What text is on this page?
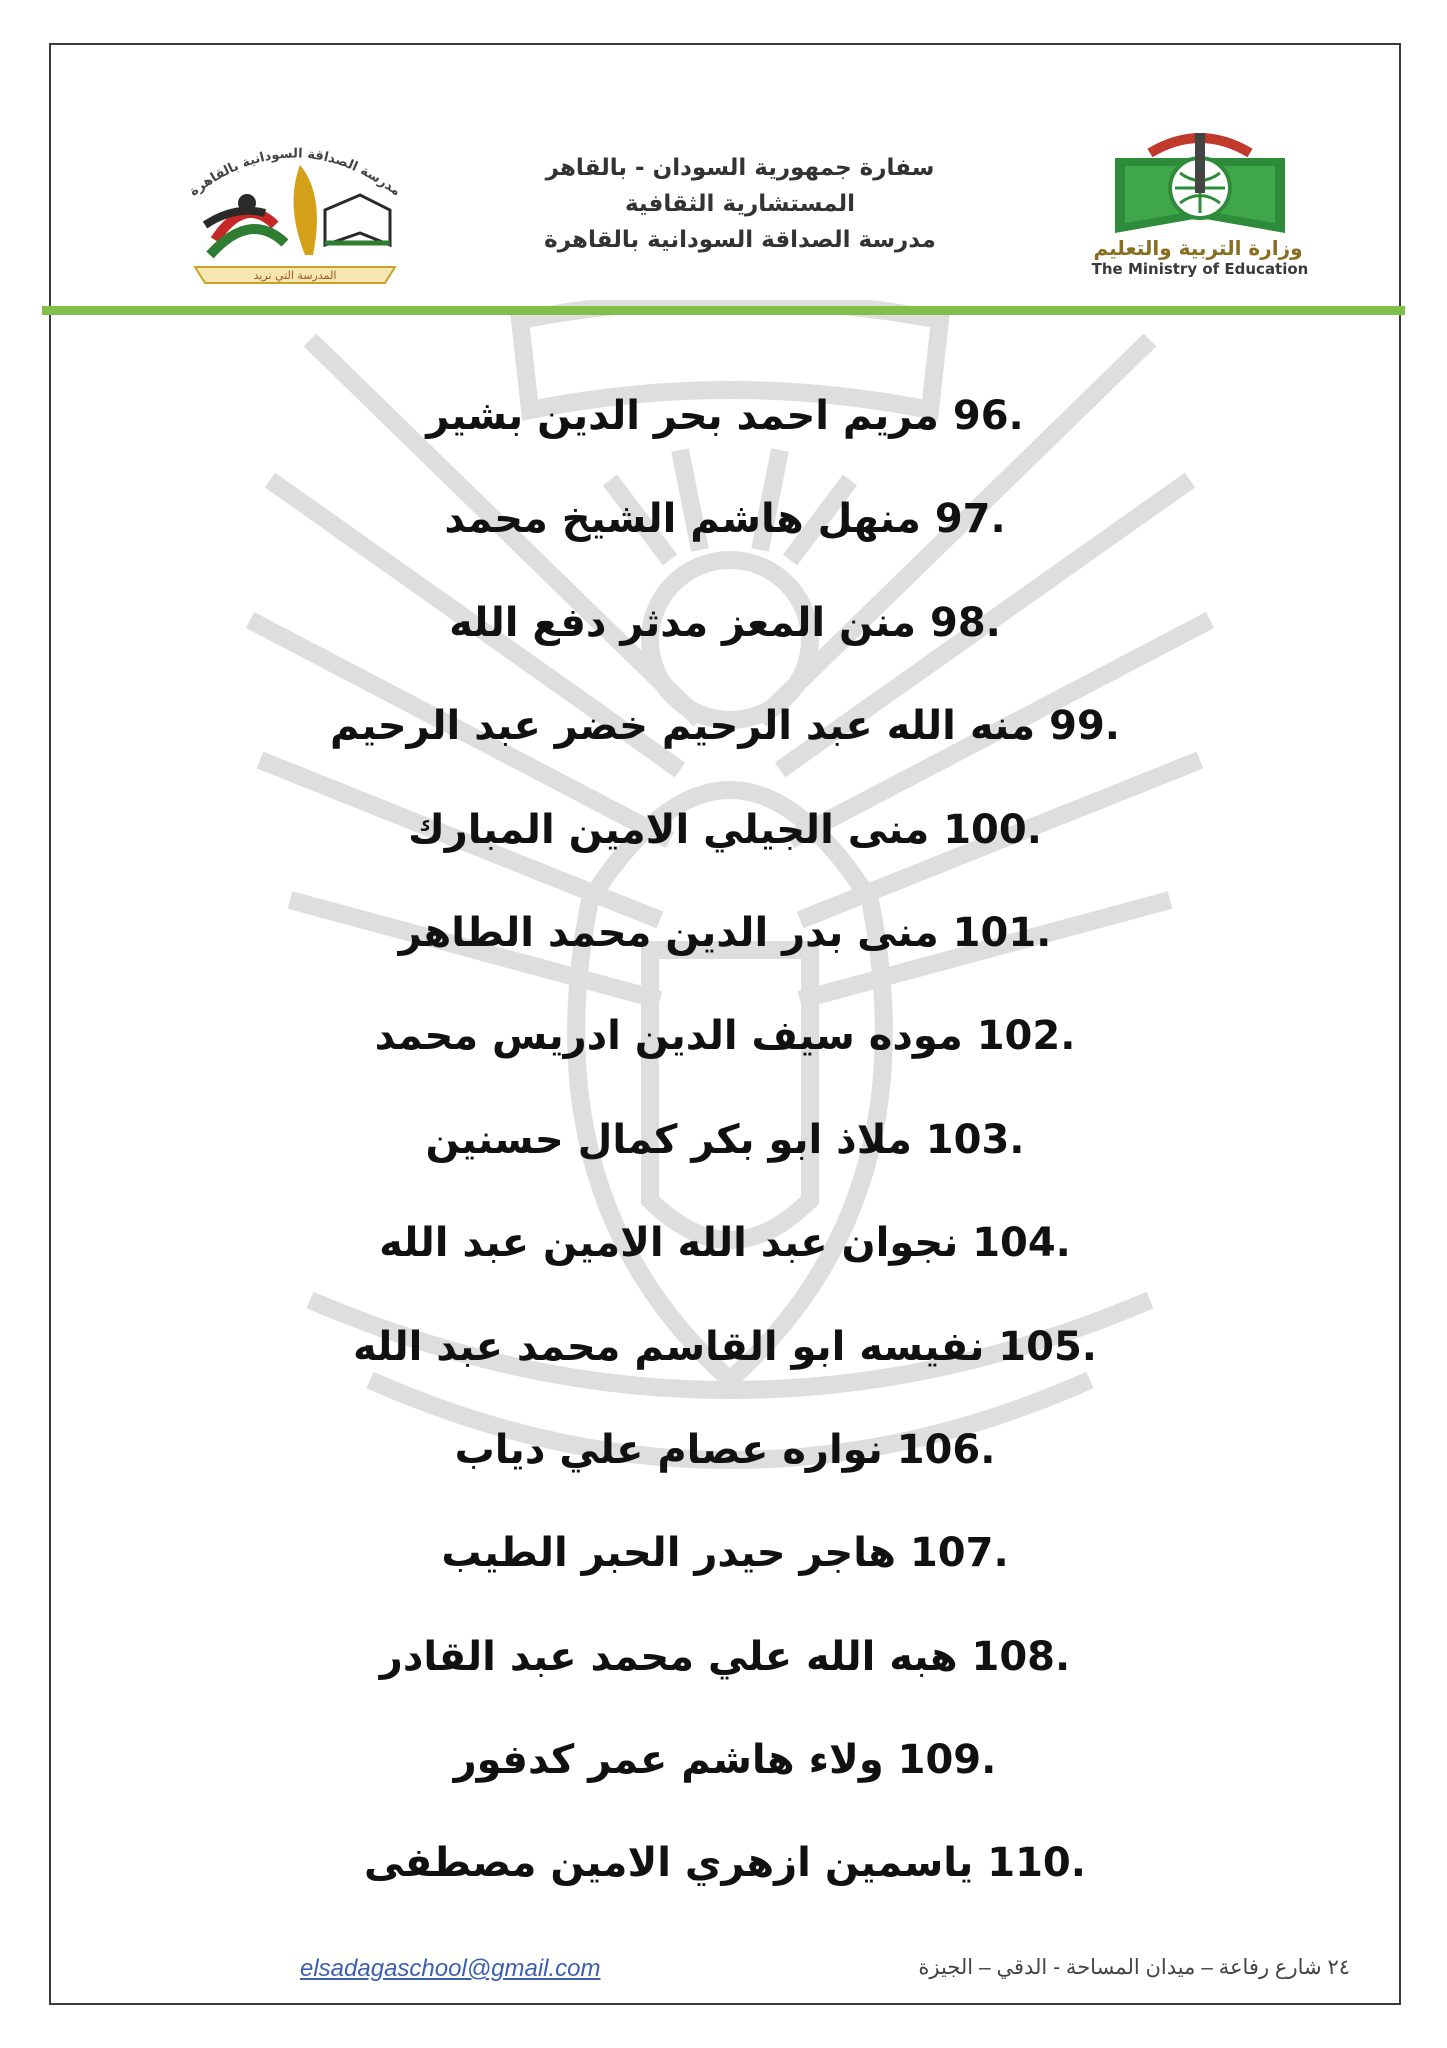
مدرسة الصداقة السودانية بالقاهرة
المدرسة التي نريد
سفارة جمهورية السودان - بالقاهر
المستشارية الثقافية
مدرسة الصداقة السودانية بالقاهرة	وزارة التربية والتعليم
The Ministry of Education
96. مريم احمد بحر الدين بشير
97. منهل هاشم الشيخ محمد
98. منن المعز مدثر دفع الله
99. منه الله عبد الرحيم خضر عبد الرحيم
100. منى الجيلي الامين المبارك
101. منى بدر الدين محمد الطاهر
102. موده سيف الدين ادريس محمد
103. ملاذ ابو بكر كمال حسنين
104. نجوان عبد الله الامين عبد الله
105. نفيسه ابو القاسم محمد عبد الله
106. نواره عصام علي دياب
107. هاجر حيدر الحبر الطيب
108. هبه الله علي محمد عبد القادر
109. ولاء هاشم عمر كدفور
110. ياسمين ازهري الامين مصطفى
elsadagaschool@gmail.com	٢٤ شارع رفاعة – ميدان المساحة - الدقي – الجيزة
